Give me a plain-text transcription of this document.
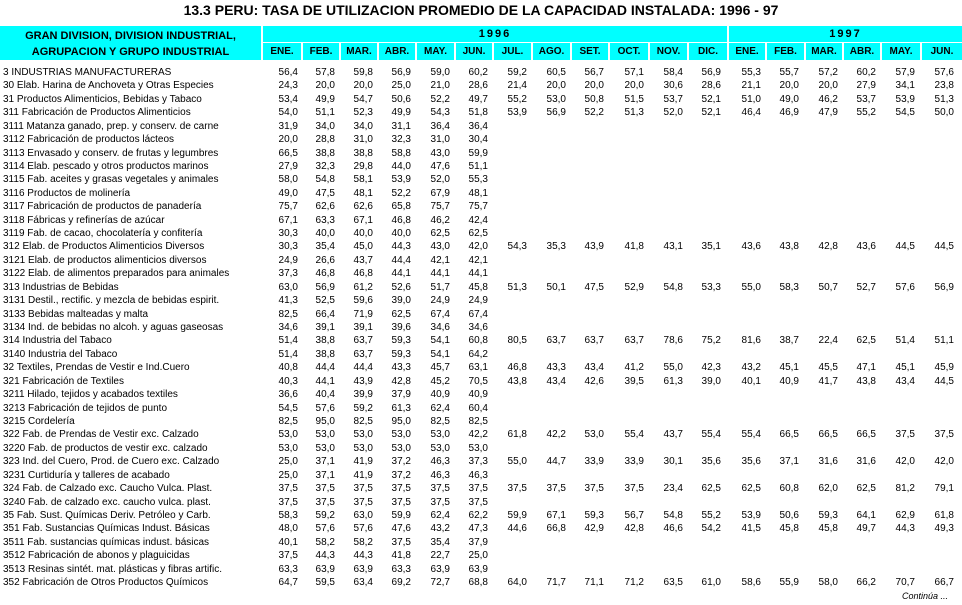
13.3 PERU: TASA DE UTILIZACION PROMEDIO DE LA CAPACIDAD INSTALADA: 1996 - 97
GRAN DIVISION, DIVISION INDUSTRIAL,
AGRUPACION Y GRUPO INDUSTRIAL
1996	1997
ENE.	FEB.	MAR.	ABR.	MAY.	JUN.	JUL.	AGO.	SET.	OCT.	NOV.	DIC.	ENE.	FEB.	MAR.	ABR.	MAY.	JUN.
3 INDUSTRIAS MANUFACTURERAS	56,4	57,8	59,8	56,9	59,0	60,2	59,2	60,5	56,7	57,1	58,4	56,9	55,3	55,7	57,2	60,2	57,9	57,6
30 Elab. Harina de Anchoveta y Otras Especies	24,3	20,0	20,0	25,0	21,0	28,6	21,4	20,0	20,0	20,0	30,6	28,6	21,1	20,0	20,0	27,9	34,1	23,8
31 Productos Alimenticios, Bebidas y Tabaco	53,4	49,9	54,7	50,6	52,2	49,7	55,2	53,0	50,8	51,5	53,7	52,1	51,0	49,0	46,2	53,7	53,9	51,3
311 Fabricación de Productos Alimenticios	54,0	51,1	52,3	49,9	54,3	51,8	53,9	56,9	52,2	51,3	52,0	52,1	46,4	46,9	47,9	55,2	54,5	50,0
3111 Matanza ganado, prep. y conserv. de carne	31,9	34,0	34,0	31,1	36,4	36,4
3112 Fabricación de productos lácteos	20,0	28,8	31,0	32,3	31,0	30,4
3113 Envasado y conserv. de frutas y legumbres	66,5	38,8	38,8	58,8	43,0	59,9
3114 Elab. pescado y otros productos marinos	27,9	32,3	29,8	44,0	47,6	51,1
3115 Fab. aceites y grasas vegetales y animales	58,0	54,8	58,1	53,9	52,0	55,3
3116 Productos de molinería	49,0	47,5	48,1	52,2	67,9	48,1
3117 Fabricación de productos de panadería	75,7	62,6	62,6	65,8	75,7	75,7
3118 Fábricas y refinerías de azúcar	67,1	63,3	67,1	46,8	46,2	42,4
3119 Fab. de cacao, chocolatería y confitería	30,3	40,0	40,0	40,0	62,5	62,5
312 Elab. de Productos Alimenticios Diversos	30,3	35,4	45,0	44,3	43,0	42,0	54,3	35,3	43,9	41,8	43,1	35,1	43,6	43,8	42,8	43,6	44,5	44,5
3121 Elab. de productos alimenticios diversos	24,9	26,6	43,7	44,4	42,1	42,1
3122 Elab. de alimentos preparados para animales	37,3	46,8	46,8	44,1	44,1	44,1
313 Industrias de Bebidas	63,0	56,9	61,2	52,6	51,7	45,8	51,3	50,1	47,5	52,9	54,8	53,3	55,0	58,3	50,7	52,7	57,6	56,9
3131 Destil., rectific. y mezcla de bebidas espirit.	41,3	52,5	59,6	39,0	24,9	24,9
3133 Bebidas malteadas y malta	82,5	66,4	71,9	62,5	67,4	67,4
3134 Ind. de bebidas no alcoh. y aguas gaseosas	34,6	39,1	39,1	39,6	34,6	34,6
314 Industria del Tabaco	51,4	38,8	63,7	59,3	54,1	60,8	80,5	63,7	63,7	63,7	78,6	75,2	81,6	38,7	22,4	62,5	51,4	51,1
3140 Industria del Tabaco	51,4	38,8	63,7	59,3	54,1	64,2
32 Textiles, Prendas de Vestir e Ind.Cuero	40,8	44,4	44,4	43,3	45,7	63,1	46,8	43,3	43,4	41,2	55,0	42,3	43,2	45,1	45,5	47,1	45,1	45,9
321 Fabricación de Textiles	40,3	44,1	43,9	42,8	45,2	70,5	43,8	43,4	42,6	39,5	61,3	39,0	40,1	40,9	41,7	43,8	43,4	44,5
3211 Hilado, tejidos y acabados textiles	36,6	40,4	39,9	37,9	40,9	40,9
3213 Fabricación de tejidos de punto	54,5	57,6	59,2	61,3	62,4	60,4
3215 Cordelería	82,5	95,0	82,5	95,0	82,5	82,5
322 Fab. de Prendas de Vestir exc. Calzado	53,0	53,0	53,0	53,0	53,0	42,2	61,8	42,2	53,0	55,4	43,7	55,4	55,4	66,5	66,5	66,5	37,5	37,5
3220 Fab. de productos de vestir exc. calzado	53,0	53,0	53,0	53,0	53,0	53,0
323 Ind. del Cuero, Prod. de Cuero exc. Calzado	25,0	37,1	41,9	37,2	46,3	37,3	55,0	44,7	33,9	33,9	30,1	35,6	35,6	37,1	31,6	31,6	42,0	42,0
3231 Curtiduría y talleres de acabado	25,0	37,1	41,9	37,2	46,3	46,3
324 Fab. de Calzado exc. Caucho Vulca. Plast.	37,5	37,5	37,5	37,5	37,5	37,5	37,5	37,5	37,5	37,5	23,4	62,5	62,5	60,8	62,0	62,5	81,2	79,1
3240 Fab. de calzado exc. caucho vulca. plast.	37,5	37,5	37,5	37,5	37,5	37,5
35 Fab. Sust. Químicas Deriv. Petróleo y Carb.	58,3	59,2	63,0	59,9	62,4	62,2	59,9	67,1	59,3	56,7	54,8	55,2	53,9	50,6	59,3	64,1	62,9	61,8
351 Fab. Sustancias Químicas Indust. Básicas	48,0	57,6	57,6	47,6	43,2	47,3	44,6	66,8	42,9	42,8	46,6	54,2	41,5	45,8	45,8	49,7	44,3	49,3
3511 Fab. sustancias químicas indust. básicas	40,1	58,2	58,2	37,5	35,4	37,9
3512 Fabricación de abonos y plaguicidas	37,5	44,3	44,3	41,8	22,7	25,0
3513 Resinas sintét. mat. plásticas y fibras artific.	63,3	63,9	63,9	63,3	63,9	63,9
352 Fabricación de Otros Productos Químicos	64,7	59,5	63,4	69,2	72,7	68,8	64,0	71,7	71,1	71,2	63,5	61,0	58,6	55,9	58,0	66,2	70,7	66,7
Continúa ...
